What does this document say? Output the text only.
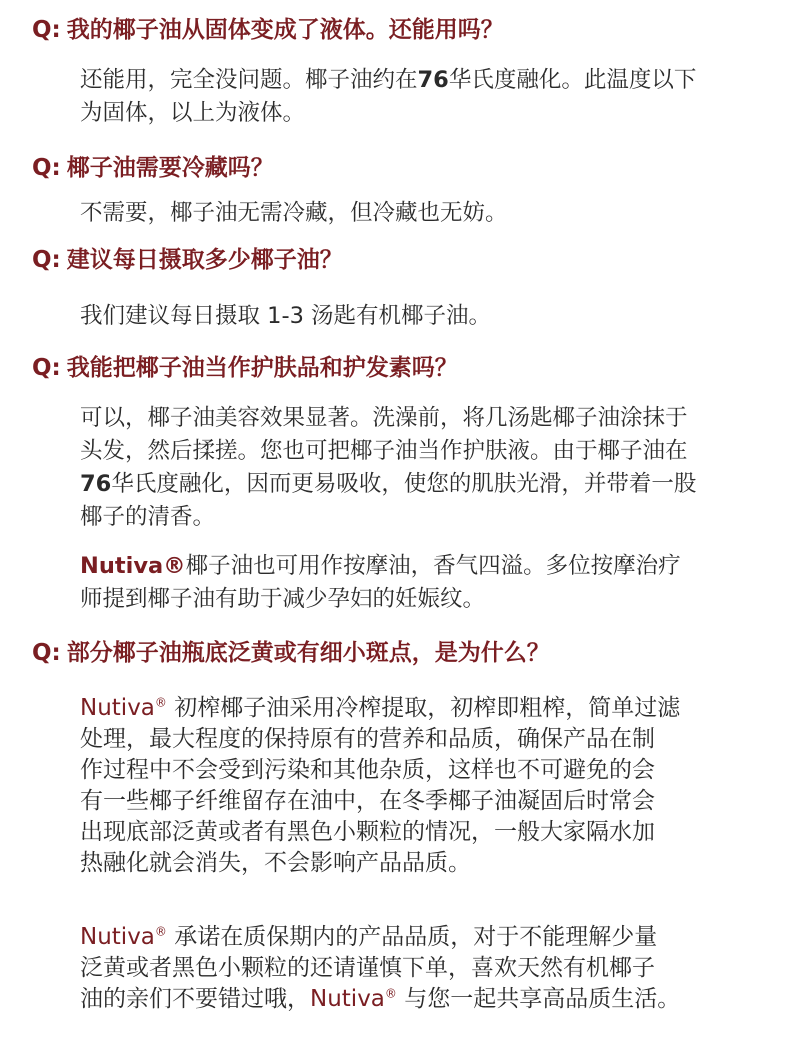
Q: 我的椰子油从固体变成了液体。还能用吗？
还能用，完全没问题。椰子油约在76华氏度融化。此温度以下
为固体，以上为液体。
Q: 椰子油需要冷藏吗？
不需要，椰子油无需冷藏，但冷藏也无妨。
Q: 建议每日摄取多少椰子油？
我们建议每日摄取 1-3 汤匙有机椰子油。
Q: 我能把椰子油当作护肤品和护发素吗？
可以，椰子油美容效果显著。洗澡前，将几汤匙椰子油涂抹于
头发，然后揉搓。您也可把椰子油当作护肤液。由于椰子油在
76华氏度融化，因而更易吸收，使您的肌肤光滑，并带着一股
椰子的清香。
Nutiva®椰子油也可用作按摩油，香气四溢。多位按摩治疗
师提到椰子油有助于减少孕妇的妊娠纹。
Q: 部分椰子油瓶底泛黄或有细小斑点，是为什么？
Nutiva® 初榨椰子油采用冷榨提取，初榨即粗榨，简单过滤
处理，最大程度的保持原有的营养和品质，确保产品在制
作过程中不会受到污染和其他杂质，这样也不可避免的会
有一些椰子纤维留存在油中，在冬季椰子油凝固后时常会
出现底部泛黄或者有黑色小颗粒的情况，一般大家隔水加
热融化就会消失，不会影响产品品质。
Nutiva® 承诺在质保期内的产品品质，对于不能理解少量
泛黄或者黑色小颗粒的还请谨慎下单，喜欢天然有机椰子
油的亲们不要错过哦，Nutiva® 与您一起共享高品质生活。
